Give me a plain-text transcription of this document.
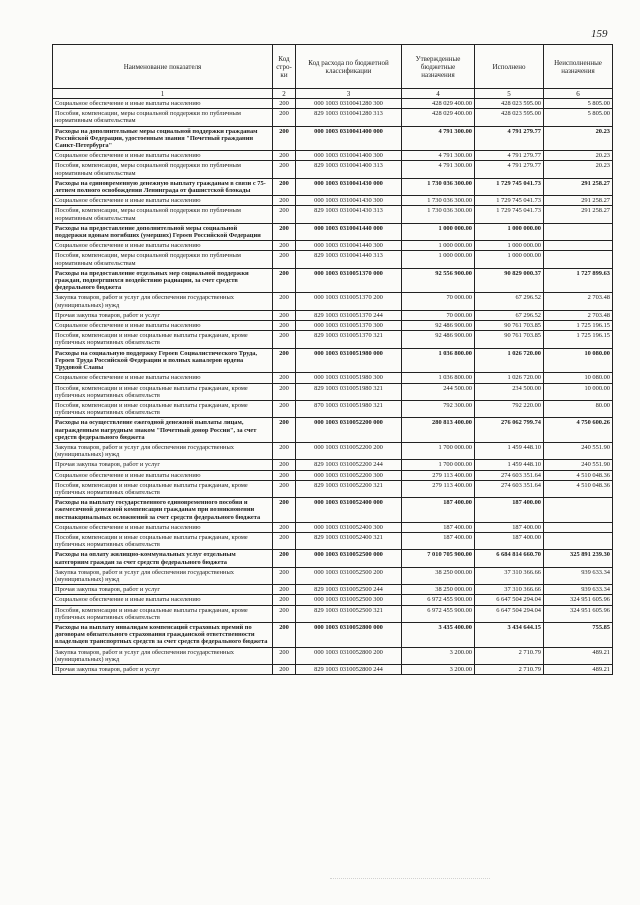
159
Наименование показателя	Код стро-ки	Код расхода по бюджетной классификации	Утвержденные бюджетные назначения	Исполнено	Неисполненные назначения
1	2	3	4	5	6
Социальное обеспечение и иные выплаты населению	200	000 1003 0310041280 300	428 029 400.00	428 023 595.00	5 805.00
Пособия, компенсации, меры социальной поддержки по публичным нормативным обязательствам	200	829 1003 0310041280 313	428 029 400.00	428 023 595.00	5 805.00
Расходы на дополнительные меры социальной поддержки гражданам Российской Федерации, удостоенным звания "Почетный гражданин Санкт-Петербурга"	200	000 1003 0310041400 000	4 791 300.00	4 791 279.77	20.23
Социальное обеспечение и иные выплаты населению	200	000 1003 0310041400 300	4 791 300.00	4 791 279.77	20.23
Пособия, компенсации, меры социальной поддержки по публичным нормативным обязательствам	200	829 1003 0310041400 313	4 791 300.00	4 791 279.77	20.23
Расходы на единовременную денежную выплату гражданам в связи с 75-летием полного освобождения Ленинграда от фашистской блокады	200	000 1003 0310041430 000	1 730 036 300.00	1 729 745 041.73	291 258.27
Социальное обеспечение и иные выплаты населению	200	000 1003 0310041430 300	1 730 036 300.00	1 729 745 041.73	291 258.27
Пособия, компенсации, меры социальной поддержки по публичным нормативным обязательствам	200	829 1003 0310041430 313	1 730 036 300.00	1 729 745 041.73	291 258.27
Расходы на предоставление дополнительной меры социальной поддержки вдовам погибших (умерших) Героев Российской Федерации	200	000 1003 0310041440 000	1 000 000.00	1 000 000.00	
Социальное обеспечение и иные выплаты населению	200	000 1003 0310041440 300	1 000 000.00	1 000 000.00	
Пособия, компенсации, меры социальной поддержки по публичным нормативным обязательствам	200	829 1003 0310041440 313	1 000 000.00	1 000 000.00	
Расходы на предоставление отдельных мер социальной поддержки граждан, подвергшихся воздействию радиации, за счет средств федерального бюджета	200	000 1003 0310051370 000	92 556 900.00	90 829 000.37	1 727 899.63
Закупка товаров, работ и услуг для обеспечения государственных (муниципальных) нужд	200	000 1003 0310051370 200	70 000.00	67 296.52	2 703.48
Прочая закупка товаров, работ и услуг	200	829 1003 0310051370 244	70 000.00	67 296.52	2 703.48
Социальное обеспечение и иные выплаты населению	200	000 1003 0310051370 300	92 486 900.00	90 761 703.85	1 725 196.15
Пособия, компенсации и иные социальные выплаты гражданам, кроме публичных нормативных обязательств	200	829 1003 0310051370 321	92 486 900.00	90 761 703.85	1 725 196.15
Расходы на социальную поддержку Героев Социалистического Труда, Героев Труда Российской Федерации и полных кавалеров ордена Трудовой Славы	200	000 1003 0310051980 000	1 036 800.00	1 026 720.00	10 080.00
Социальное обеспечение и иные выплаты населению	200	000 1003 0310051980 300	1 036 800.00	1 026 720.00	10 080.00
Пособия, компенсации и иные социальные выплаты гражданам, кроме публичных нормативных обязательств	200	829 1003 0310051980 321	244 500.00	234 500.00	10 000.00
Пособия, компенсации и иные социальные выплаты гражданам, кроме публичных нормативных обязательств	200	870 1003 0310051980 321	792 300.00	792 220.00	80.00
Расходы на осуществление ежегодной денежной выплаты лицам, награжденным нагрудным знаком "Почетный донор России", за счет средств федерального бюджета	200	000 1003 0310052200 000	280 813 400.00	276 062 799.74	4 750 600.26
Закупка товаров, работ и услуг для обеспечения государственных (муниципальных) нужд	200	000 1003 0310052200 200	1 700 000.00	1 459 448.10	240 551.90
Прочая закупка товаров, работ и услуг	200	829 1003 0310052200 244	1 700 000.00	1 459 448.10	240 551.90
Социальное обеспечение и иные выплаты населению	200	000 1003 0310052200 300	279 113 400.00	274 603 351.64	4 510 048.36
Пособия, компенсации и иные социальные выплаты гражданам, кроме публичных нормативных обязательств	200	829 1003 0310052200 321	279 113 400.00	274 603 351.64	4 510 048.36
Расходы на выплату государственного единовременного пособия и ежемесячной денежной компенсации гражданам при возникновении поствакцинальных осложнений за счет средств федерального бюджета	200	000 1003 0310052400 000	187 400.00	187 400.00	
Социальное обеспечение и иные выплаты населению	200	000 1003 0310052400 300	187 400.00	187 400.00	
Пособия, компенсации и иные социальные выплаты гражданам, кроме публичных нормативных обязательств	200	829 1003 0310052400 321	187 400.00	187 400.00	
Расходы на оплату жилищно-коммунальных услуг отдельным категориям граждан за счет средств федерального бюджета	200	000 1003 0310052500 000	7 010 705 900.00	6 684 814 660.70	325 891 239.30
Закупка товаров, работ и услуг для обеспечения государственных (муниципальных) нужд	200	000 1003 0310052500 200	38 250 000.00	37 310 366.66	939 633.34
Прочая закупка товаров, работ и услуг	200	829 1003 0310052500 244	38 250 000.00	37 310 366.66	939 633.34
Социальное обеспечение и иные выплаты населению	200	000 1003 0310052500 300	6 972 455 900.00	6 647 504 294.04	324 951 605.96
Пособия, компенсации и иные социальные выплаты гражданам, кроме публичных нормативных обязательств	200	829 1003 0310052500 321	6 972 455 900.00	6 647 504 294.04	324 951 605.96
Расходы на выплату инвалидам компенсаций страховых премий по договорам обязательного страхования гражданской ответственности владельцев транспортных средств за счет средств федерального бюджета	200	000 1003 0310052800 000	3 435 400.00	3 434 644.15	755.85
Закупка товаров, работ и услуг для обеспечения государственных (муниципальных) нужд	200	000 1003 0310052800 200	3 200.00	2 710.79	489.21
Прочая закупка товаров, работ и услуг	200	829 1003 0310052800 244	3 200.00	2 710.79	489.21
